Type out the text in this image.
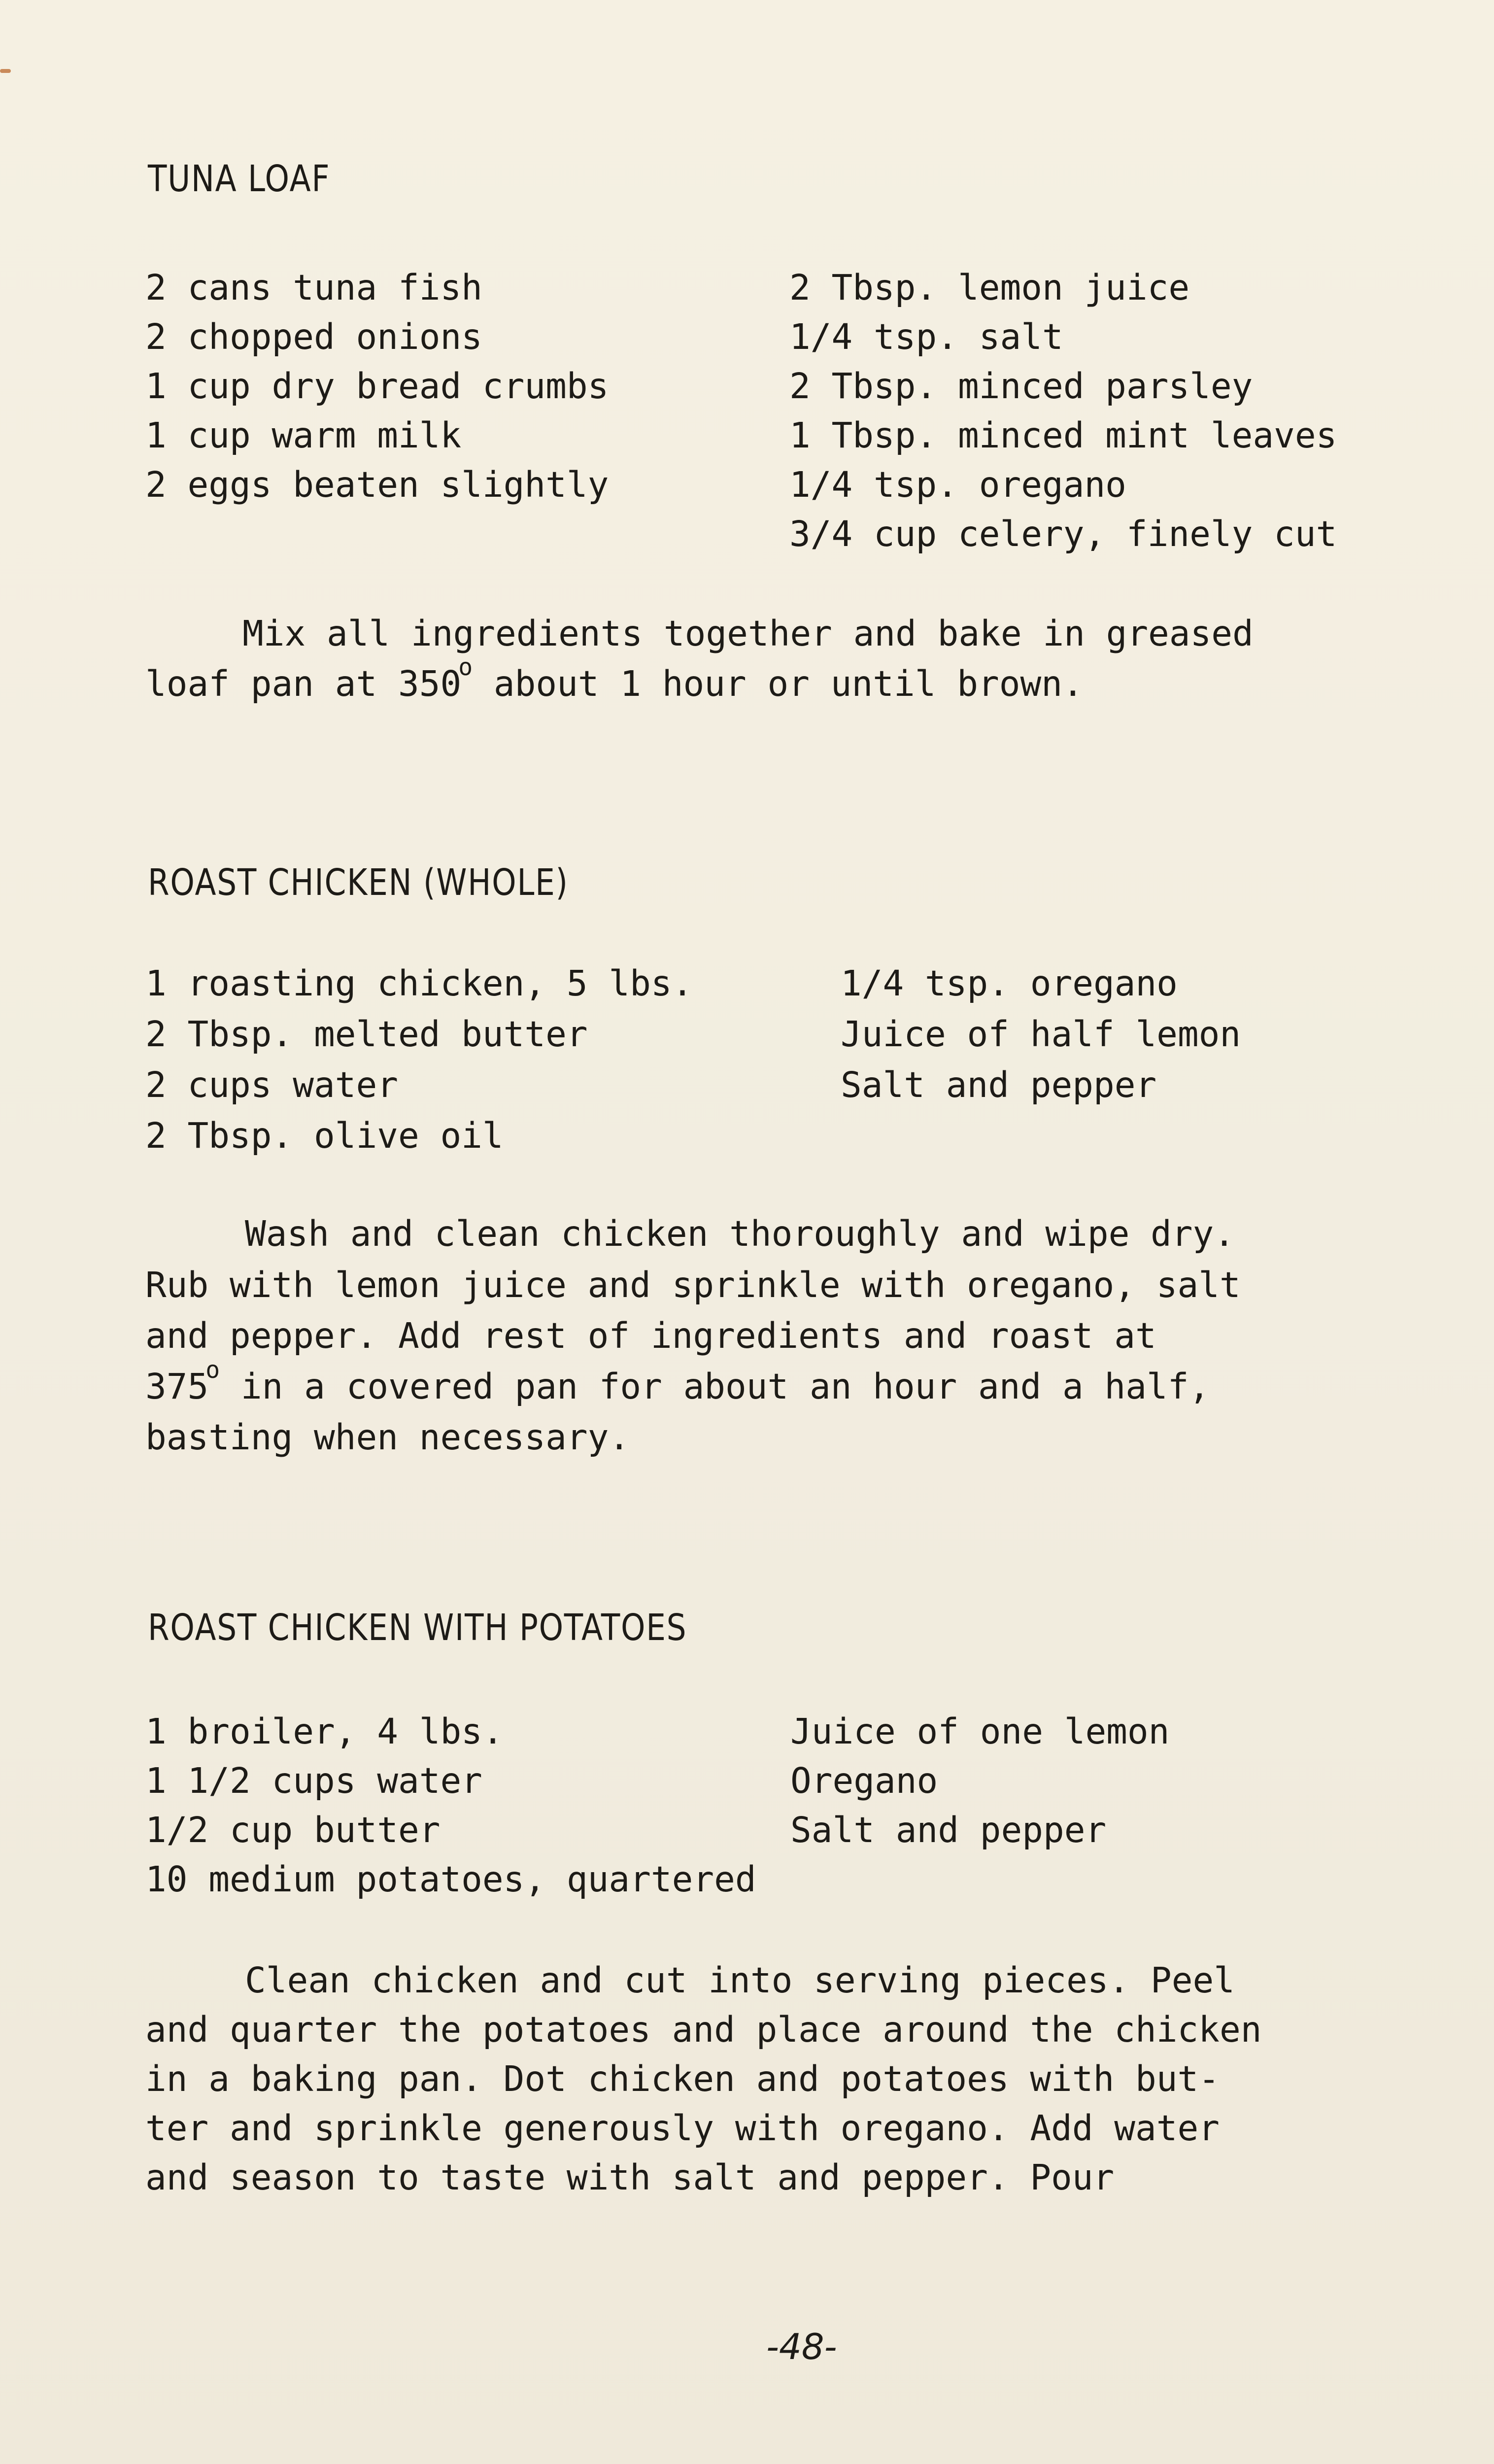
TUNA LOAF
2 cans tuna fish
2 chopped onions
1 cup dry bread crumbs
1 cup warm milk
2 eggs beaten slightly
2 Tbsp. lemon juice
1/4 tsp. salt
2 Tbsp. minced parsley
1 Tbsp. minced mint leaves
1/4 tsp. oregano
3/4 cup celery, finely cut
Mix all ingredients together and bake in greased
loaf pan at 350$^o$ about 1 hour or until brown.
ROAST CHICKEN (WHOLE)
1 roasting chicken, 5 lbs.
2 Tbsp. melted butter
2 cups water
2 Tbsp. olive oil
1/4 tsp. oregano
Juice of half lemon
Salt and pepper
Wash and clean chicken thoroughly and wipe dry.
Rub with lemon juice and sprinkle with oregano, salt
and pepper. Add rest of ingredients and roast at
375$^o$ in a covered pan for about an hour and a half,
basting when necessary.
ROAST CHICKEN WITH POTATOES
1 broiler, 4 lbs.
1 1/2 cups water
1/2 cup butter
10 medium potatoes, quartered
Juice of one lemon
Oregano
Salt and pepper
Clean chicken and cut into serving pieces. Peel
and quarter the potatoes and place around the chicken
in a baking pan. Dot chicken and potatoes with but-
ter and sprinkle generously with oregano. Add water
and season to taste with salt and pepper. Pour
-48-
